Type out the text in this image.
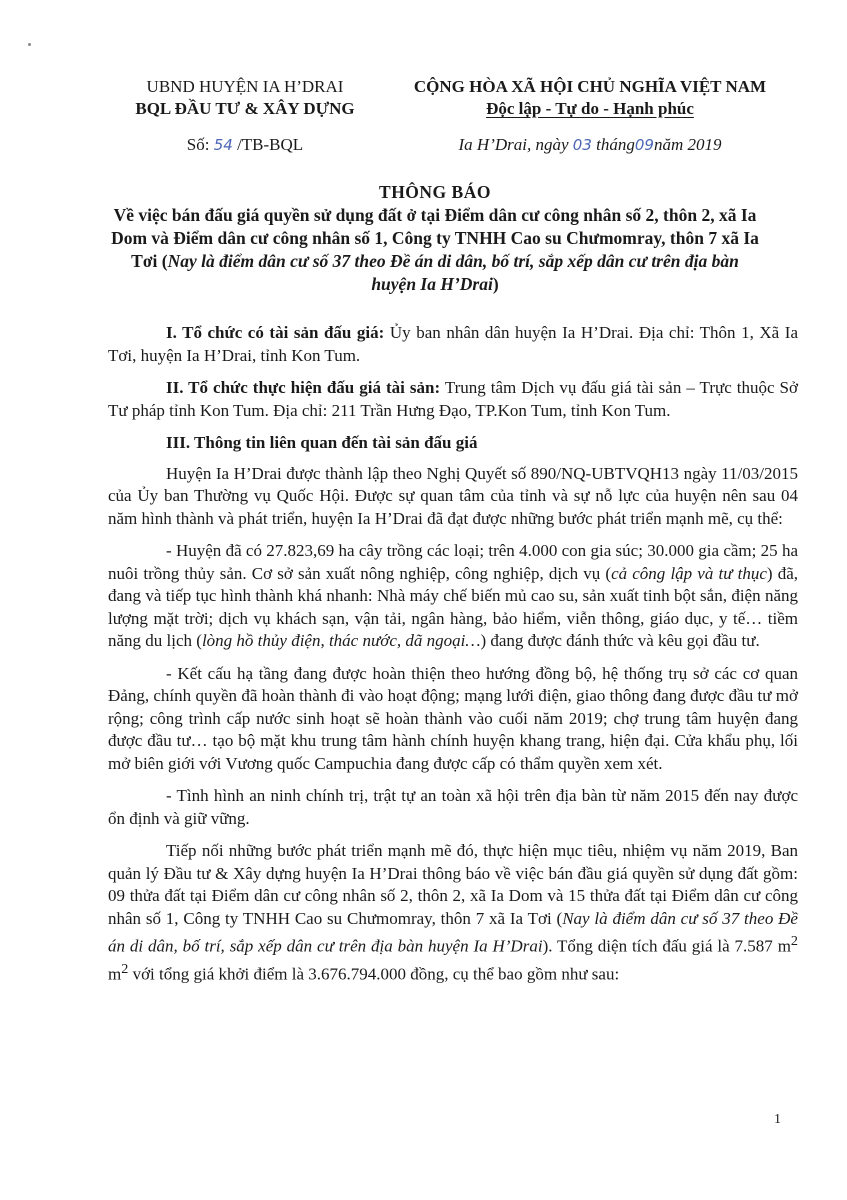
UBND HUYỆN IA H’DRAI
BQL ĐẦU TƯ & XÂY DỰNG
Số: 54 /TB-BQL
CỘNG HÒA XÃ HỘI CHỦ NGHĨA VIỆT NAM
Độc lập - Tự do - Hạnh phúc
Ia H’Drai, ngày 03 tháng09năm 2019
THÔNG BÁO
Về việc bán đấu giá quyền sử dụng đất ở tại Điểm dân cư công nhân số 2, thôn 2, xã Ia Dom và Điểm dân cư công nhân số 1, Công ty TNHH Cao su Chưmomray, thôn 7 xã Ia Tơi (Nay là điểm dân cư số 37 theo Đề án di dân, bố trí, sắp xếp dân cư trên địa bàn huyện Ia H’Drai)

I. Tổ chức có tài sản đấu giá: Ủy ban nhân dân huyện Ia H’Drai. Địa chỉ: Thôn 1, Xã Ia Tơi, huyện Ia H’Drai, tỉnh Kon Tum.

II. Tổ chức thực hiện đấu giá tài sản: Trung tâm Dịch vụ đấu giá tài sản – Trực thuộc Sở Tư pháp tỉnh Kon Tum. Địa chỉ: 211 Trần Hưng Đạo, TP.Kon Tum, tỉnh Kon Tum.

III. Thông tin liên quan đến tài sản đấu giá

Huyện Ia H’Drai được thành lập theo Nghị Quyết số 890/NQ-UBTVQH13 ngày 11/03/2015 của Ủy ban Thường vụ Quốc Hội. Được sự quan tâm của tỉnh và sự nỗ lực của huyện nên sau 04 năm hình thành và phát triển, huyện Ia H’Drai đã đạt được những bước phát triển mạnh mẽ, cụ thể:

- Huyện đã có 27.823,69 ha cây trồng các loại; trên 4.000 con gia súc; 30.000 gia cầm; 25 ha nuôi trồng thủy sản. Cơ sở sản xuất nông nghiệp, công nghiệp, dịch vụ (cả công lập và tư thục) đã, đang và tiếp tục hình thành khá nhanh: Nhà máy chế biến mủ cao su, sản xuất tinh bột sắn, điện năng lượng mặt trời; dịch vụ khách sạn, vận tải, ngân hàng, bảo hiểm, viễn thông, giáo dục, y tế… tiềm năng du lịch (lòng hồ thủy điện, thác nước, dã ngoại…) đang được đánh thức và kêu gọi đầu tư.

- Kết cấu hạ tầng đang được hoàn thiện theo hướng đồng bộ, hệ thống trụ sở các cơ quan Đảng, chính quyền đã hoàn thành đi vào hoạt động; mạng lưới điện, giao thông đang được đầu tư mở rộng; công trình cấp nước sinh hoạt sẽ hoàn thành vào cuối năm 2019; chợ trung tâm huyện đang được đầu tư… tạo bộ mặt khu trung tâm hành chính huyện khang trang, hiện đại. Cửa khẩu phụ, lối mở biên giới với Vương quốc Campuchia đang được cấp có thẩm quyền xem xét.

- Tình hình an ninh chính trị, trật tự an toàn xã hội trên địa bàn từ năm 2015 đến nay được ổn định và giữ vững.

Tiếp nối những bước phát triển mạnh mẽ đó, thực hiện mục tiêu, nhiệm vụ năm 2019, Ban quản lý Đầu tư & Xây dựng huyện Ia H’Drai thông báo về việc bán đầu giá quyền sử dụng đất gồm: 09 thửa đất tại Điểm dân cư công nhân số 2, thôn 2, xã Ia Dom và 15 thửa đất tại Điểm dân cư công nhân số 1, Công ty TNHH Cao su Chưmomray, thôn 7 xã Ia Tơi (Nay là điểm dân cư số 37 theo Đề án di dân, bố trí, sắp xếp dân cư trên địa bàn huyện Ia H’Drai). Tổng diện tích đấu giá là 7.587 $m^2$ $m^2$ với tổng giá khởi điểm là 3.676.794.000 đồng, cụ thể bao gồm như sau:

1
